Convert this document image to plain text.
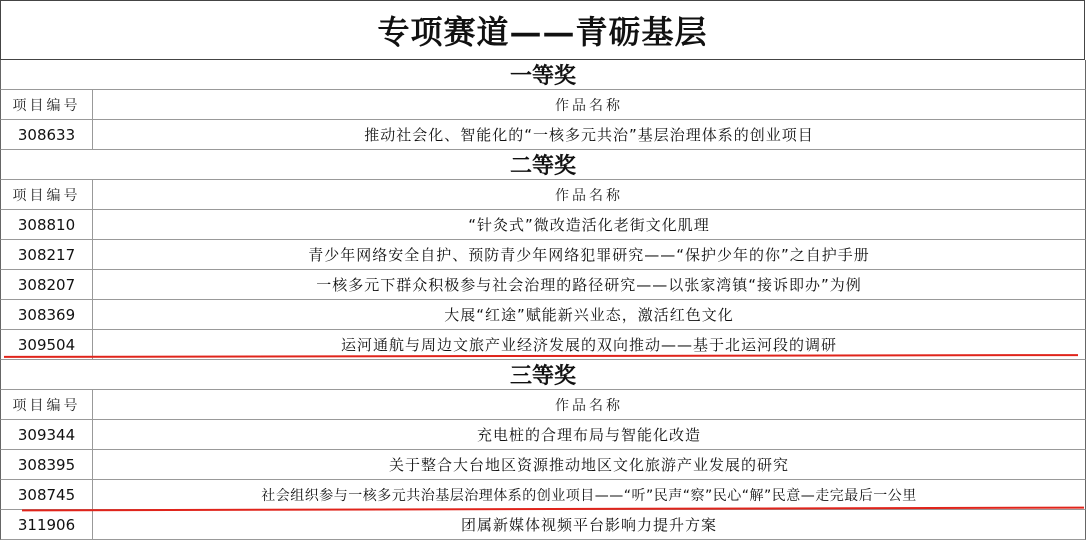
专项赛道——青砺基层
一等奖
项目编号	作品名称
308633	推动社会化、智能化的“一核多元共治”基层治理体系的创业项目
二等奖
项目编号	作品名称
308810	“针灸式”微改造活化老街文化肌理
308217	青少年网络安全自护、预防青少年网络犯罪研究——“保护少年的你”之自护手册
308207	一核多元下群众积极参与社会治理的路径研究——以张家湾镇“接诉即办”为例
308369	大展“红途”赋能新兴业态，激活红色文化
309504	运河通航与周边文旅产业经济发展的双向推动——基于北运河段的调研
三等奖
项目编号	作品名称
309344	充电桩的合理布局与智能化改造
308395	关于整合大台地区资源推动地区文化旅游产业发展的研究
308745	社会组织参与一核多元共治基层治理体系的创业项目——“听”民声“察”民心“解”民意—走完最后一公里
311906	团属新媒体视频平台影响力提升方案
